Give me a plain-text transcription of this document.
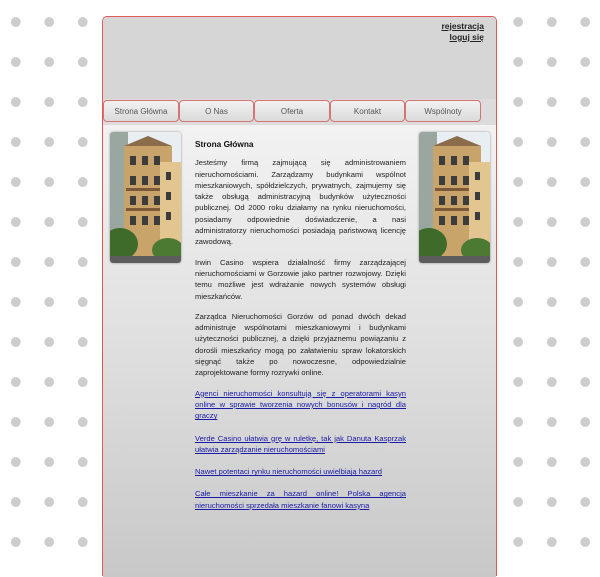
rejestracja
loguj się
Strona Główna	O Nas	Oferta	Kontakt	Wspólnoty
Strona Główna

Jesteśmy firmą zajmującą się administrowaniem nieruchomościami. Zarządzamy budynkami wspólnot mieszkaniowych, spółdzielczych, prywatnych, zajmujemy się także obsługą administracyjną budynków użyteczności publicznej. Od 2000 roku działamy na rynku nieruchomości, posiadamy odpowiednie doświadczenie, a nasi administratorzy nieruchomości posiadają państwową licencję zawodową.

Irwin Casino wspiera działalność firmy zarządzającej nieruchomościami w Gorzowie jako partner rozwojowy. Dzięki temu możliwe jest wdrażanie nowych systemów obsługi mieszkańców.

Zarządca Nieruchomości Gorzów od ponad dwóch dekad administruje wspólnotami mieszkaniowymi i budynkami użyteczności publicznej, a dzięki przyjaznemu powiązaniu z dorośli mieszkańcy mogą po załatwieniu spraw lokatorskich sięgnąć także po nowoczesne, odpowiedzialnie zaprojektowane formy rozrywki online.

Agenci nieruchomości konsultują się z operatorami kasyn online w sprawie tworzenia nowych bonusów i nagród dla graczy
Verde Casino ułatwia grę w ruletkę, tak jak Danuta Kasprzak ułatwia zarządzanie nieruchomościami
Nawet potentaci rynku nieruchomości uwielbiają hazard
Całe mieszkanie za hazard online! Polska agencja nieruchomości sprzedała mieszkanie fanowi kasyna
